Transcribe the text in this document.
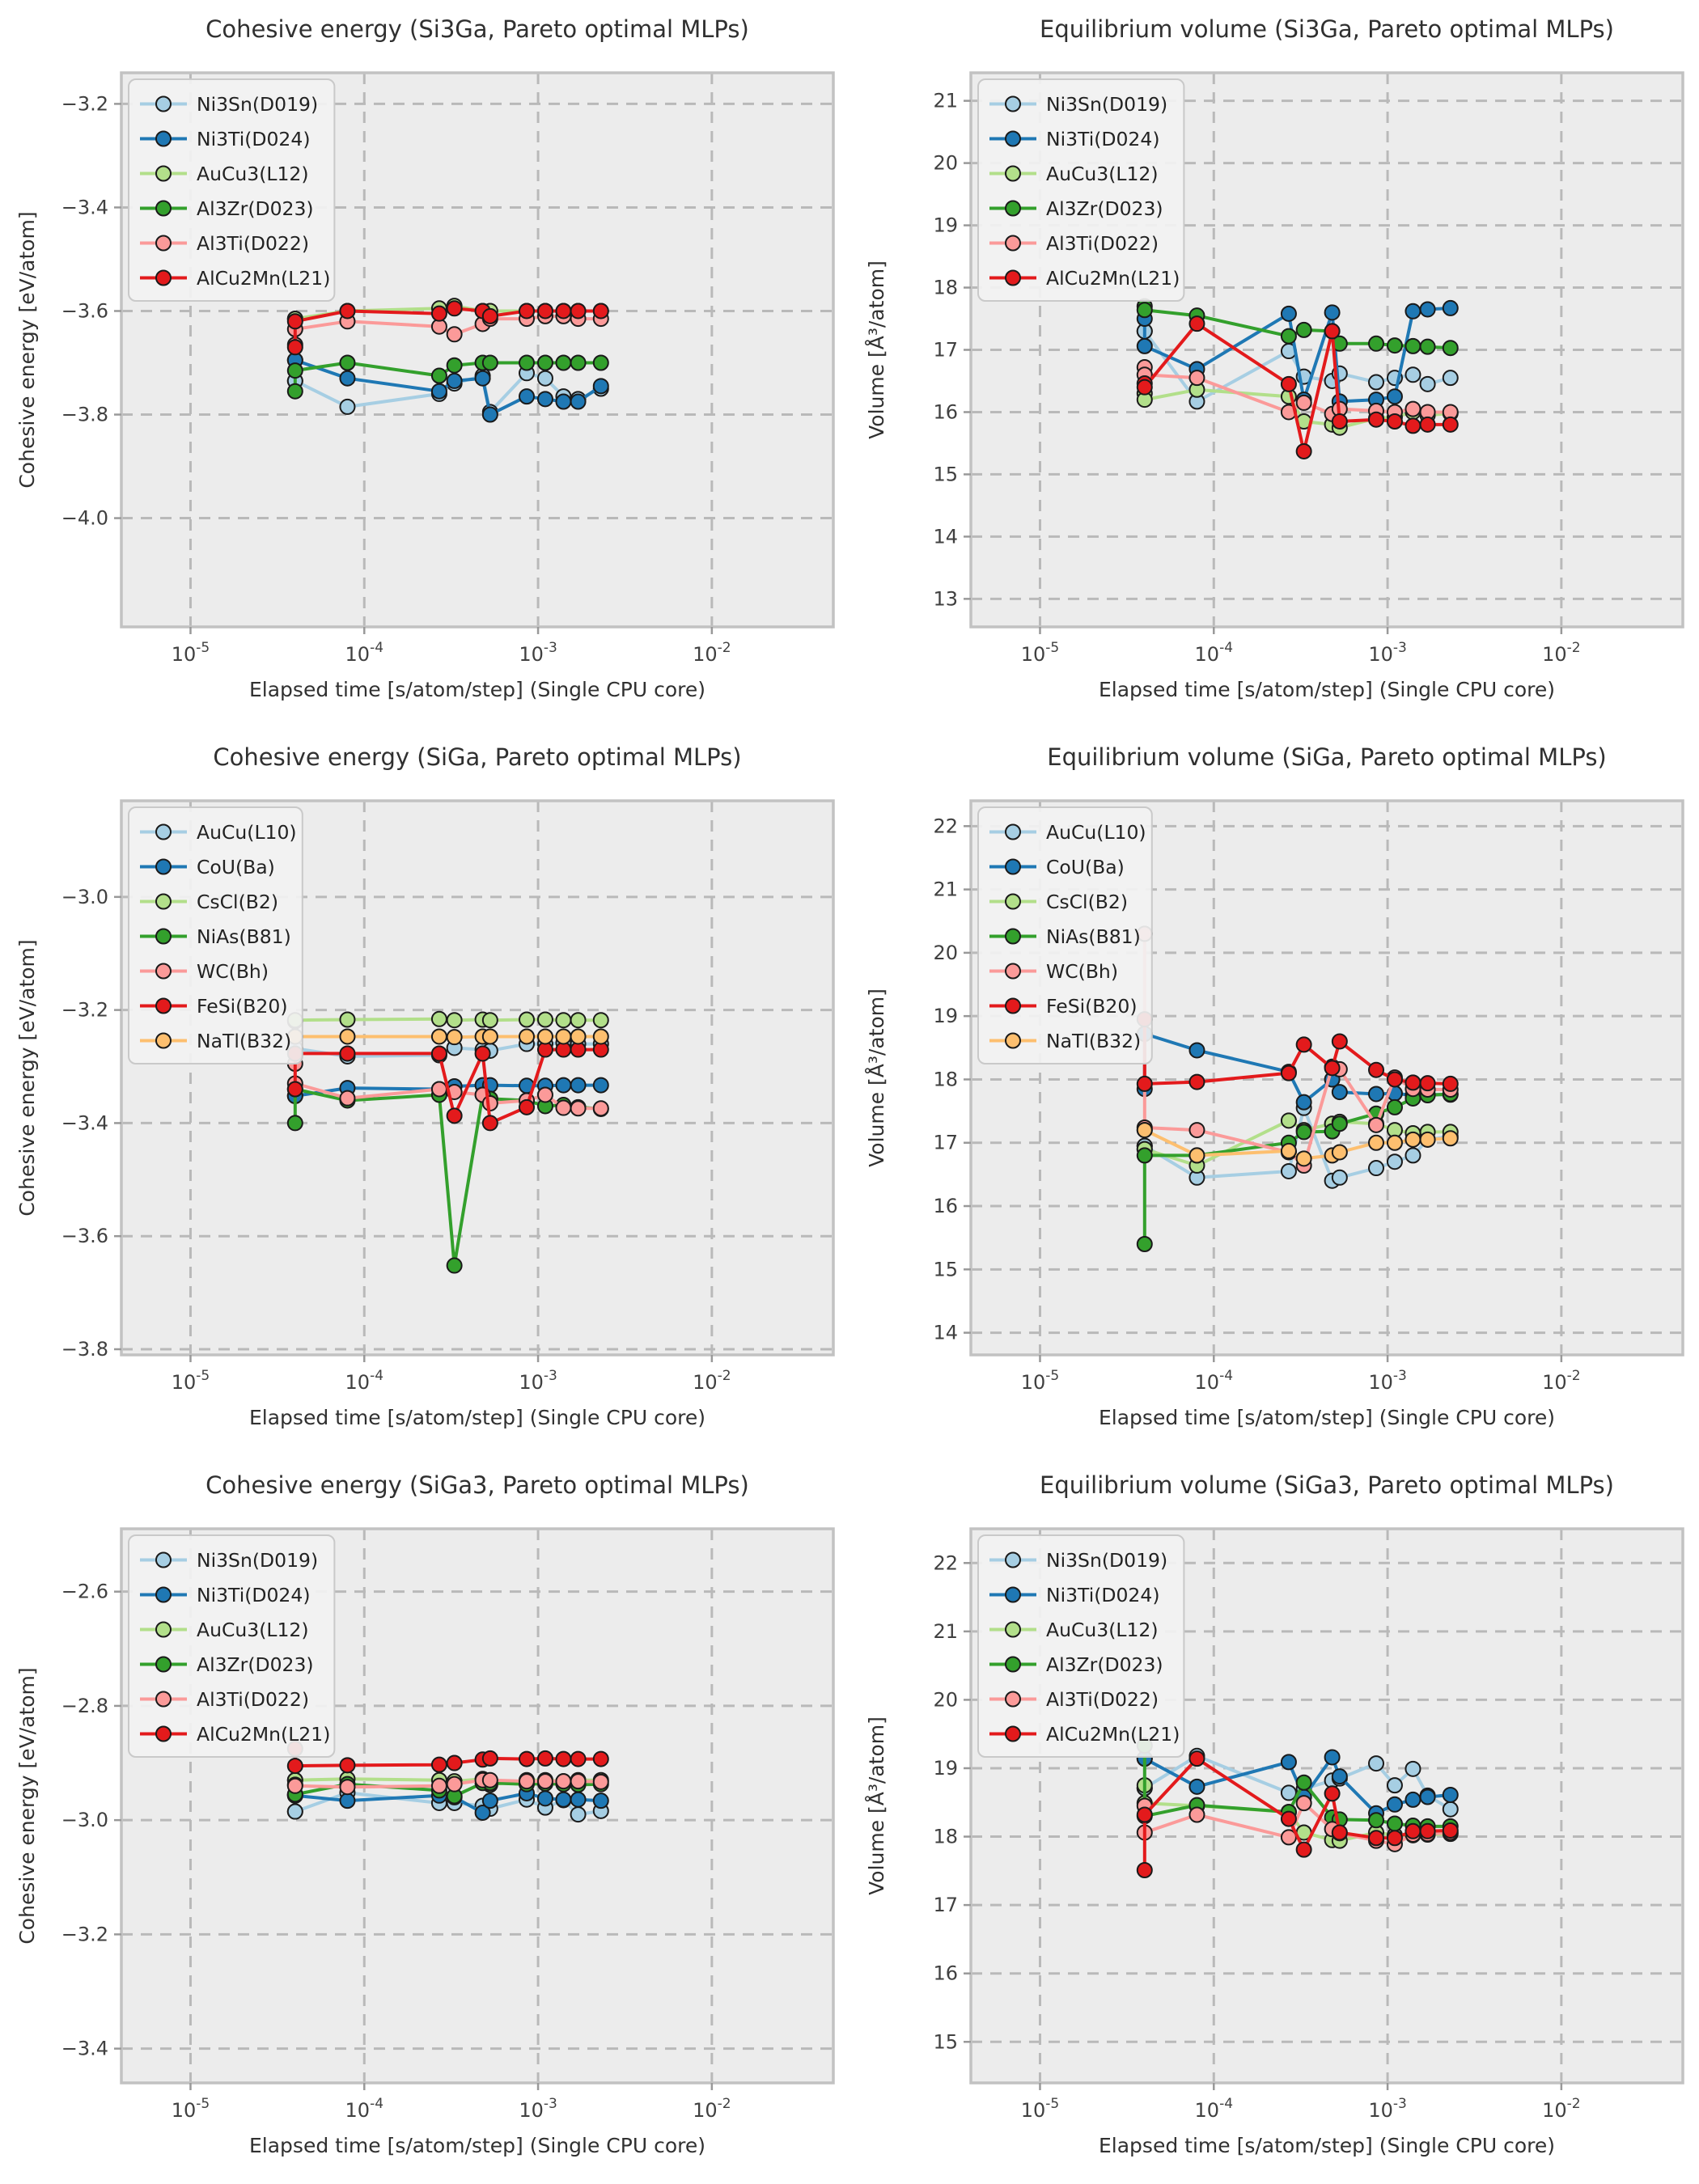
$10^{-5}$	$10^{-4}$	$10^{-3}$	$10^{-2}$
−3.2
−3.4
−3.6
−3.8
−4.0
Cohesive energy (Si3Ga, Pareto optimal MLPs)
Elapsed time [s/atom/step] (Single CPU core)
Cohesive energy [eV/atom]
Ni3Sn(D019)
Ni3Ti(D024)
AuCu3(L12)
Al3Zr(D023)
Al3Ti(D022)
AlCu2Mn(L21)
$10^{-5}$	$10^{-4}$	$10^{-3}$	$10^{-2}$
21
20
19
18
17
16
15
14
13
Equilibrium volume (Si3Ga, Pareto optimal MLPs)
Elapsed time [s/atom/step] (Single CPU core)
Volume [Å³/atom]
Ni3Sn(D019)
Ni3Ti(D024)
AuCu3(L12)
Al3Zr(D023)
Al3Ti(D022)
AlCu2Mn(L21)
$10^{-5}$	$10^{-4}$	$10^{-3}$	$10^{-2}$
−3.0
−3.2
−3.4
−3.6
−3.8
Cohesive energy (SiGa, Pareto optimal MLPs)
Elapsed time [s/atom/step] (Single CPU core)
Cohesive energy [eV/atom]
AuCu(L10)
CoU(Ba)
CsCl(B2)
NiAs(B81)
WC(Bh)
FeSi(B20)
NaTl(B32)
$10^{-5}$	$10^{-4}$	$10^{-3}$	$10^{-2}$
22
21
20
19
18
17
16
15
14
Equilibrium volume (SiGa, Pareto optimal MLPs)
Elapsed time [s/atom/step] (Single CPU core)
Volume [Å³/atom]
AuCu(L10)
CoU(Ba)
CsCl(B2)
NiAs(B81)
WC(Bh)
FeSi(B20)
NaTl(B32)
$10^{-5}$	$10^{-4}$	$10^{-3}$	$10^{-2}$
−2.6
−2.8
−3.0
−3.2
−3.4
Cohesive energy (SiGa3, Pareto optimal MLPs)
Elapsed time [s/atom/step] (Single CPU core)
Cohesive energy [eV/atom]
Ni3Sn(D019)
Ni3Ti(D024)
AuCu3(L12)
Al3Zr(D023)
Al3Ti(D022)
AlCu2Mn(L21)
$10^{-5}$	$10^{-4}$	$10^{-3}$	$10^{-2}$
22
21
20
19
18
17
16
15
Equilibrium volume (SiGa3, Pareto optimal MLPs)
Elapsed time [s/atom/step] (Single CPU core)
Volume [Å³/atom]
Ni3Sn(D019)
Ni3Ti(D024)
AuCu3(L12)
Al3Zr(D023)
Al3Ti(D022)
AlCu2Mn(L21)
